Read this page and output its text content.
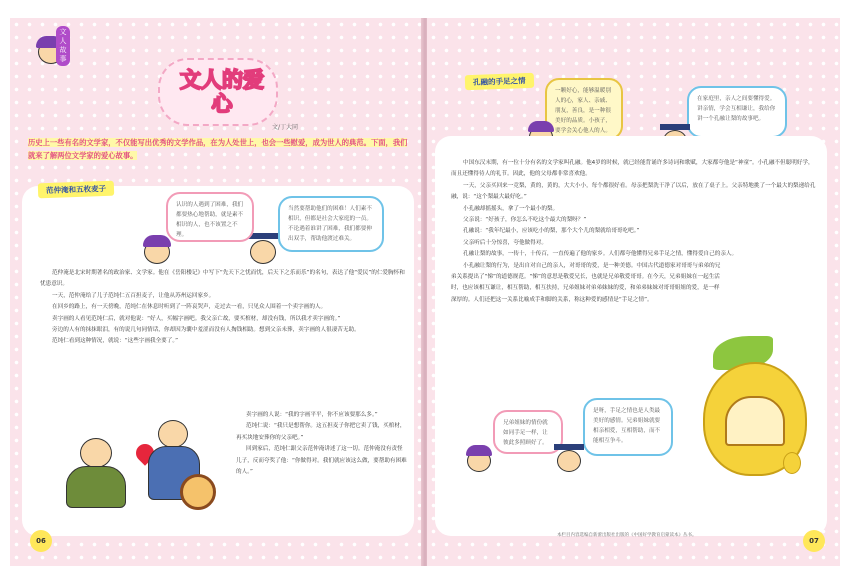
文人故事
文人的爱心
文/丁大同
历史上一些有名的文学家，不仅能写出优秀的文学作品，在为人处世上，也会一些慰爱，成为世人的典范。下面，我们就来了解两位文学家的爱心故事。
范仲淹和五枚麦子
认识的人遇到了困难，我们都要热心地帮助，就是素不相识的人，也不该置之不理。
当然要帮助他们的困难！人们素不相识，但都是社会大家庭的一员。不论遇着谁讲了困难，我们都要伸出双手，帮助他渡过难关。

范仲淹是北宋时期著名的政治家、文学家。他在《岳阳楼记》中写下“先天下之忧而忧，后天下之乐而乐”的名句，表达了他“爱民”的仁爱胸怀和忧患意识。

一天，范仲淹给了儿子范纯仁五百担麦子，让他从苏州运回家乡。

在回乡的路上，有一天傍晚，范纯仁在休息时听到了一阵哀哭声，走过去一看，只见众人围着一个卖字画的人。

卖字画的人看见范纯仁后，就对他说：“好人，买幅字画吧。我父亲亡故，要买棺材，却没有钱，所以我才卖字画的。”

旁边的人有的抹抹眼泪，有的说几句同情话，你却因为囊中羞涩而没有人掏钱相助。想到父亲未葬，卖字画的人很凄苦无助。

范纯仁看到这种情况，就说：“这些字画我全要了。”

卖字画的人说：“我的字画平平，你不应该要那么多。”
范纯仁说：“我只是想帮你。这五担麦子你把它卖了钱，买棺材，再买块地安葬你的父亲吧。”
回到家后，范纯仁跟父亲范仲淹讲述了这一切。范仲淹没有责怪儿子，反而夸奖了他：“你做得对。我们就应该这么做，要帮助有困难的人。”
06
孔融的手足之情
一颗好心，能够温暖别人的心，家人、亲戚、朋友，善良，是一种很美好的品质。小孩子，要学会关心他人的人。
在家庭里，亲人之间要懂得爱。讲亲情，学会互相谦让，我给你讲一个孔融让梨的故事吧。

中国东汉末期，有一位十分有名的文学家叫孔融。他4岁的时候，就已经能背诵许多诗词和歌赋，大家都夸他是“神童”。小孔融不但聪明好学，而且还懂得待人的礼节。因此，他的父母都非常喜欢他。

一天，父亲买回来一竞梨，黄的，黄的，大大小小，每个都很好看。母亲把梨洗干净了以后，放在了桌子上。父亲特地挑了一个最大的梨递给孔融，说：“这个梨最大最好吃。”

小孔融却摇摇头，拿了一个最小的梨。

父亲说：“好孩子，你怎么不吃这个最大的梨呀？”

孔融说：“我年纪最小，应该吃小的梨，那个大个儿的梨就给哥哥吃吧。”

父亲听后十分惊喜，夸他做得对。

孔融让梨的故事，一传十，十传百，一直传遍了他的家乡。人们都夸他懂得兄弟手足之情，懂得爱自己的亲人。

小孔融让梨的行为，是出自对自己的亲人，对哥哥的爱，是一种美德。中国古代道德家对哥哥与弟弟的兄弟关系提出了“悌”的道德规范。“悌”的意思是敬爱兄长，也就是兄弟敬爱哥哥。在今天，兄弟姐妹在一起生活时，也应该相互谦让，相互帮助，相互扶持，兄弟姐妹对弟弟妹妹的爱，和弟弟妹妹对哥哥姐姐的爱，是一样深厚的。人们还把这一关系比喻成手和脚的关系，称这种爱的感情是“手足之情”。

兄弟姐妹的情份就如同手足一样，让彼此多照顾好了。
是呀，手足之情也是人类最美好的感情。兄弟姐妹就要相亲相爱，互相帮助，而不能相互争斗。
本栏目内容选编自新蕾出版社出版的《中国好学教育启蒙读本》丛书。
07
